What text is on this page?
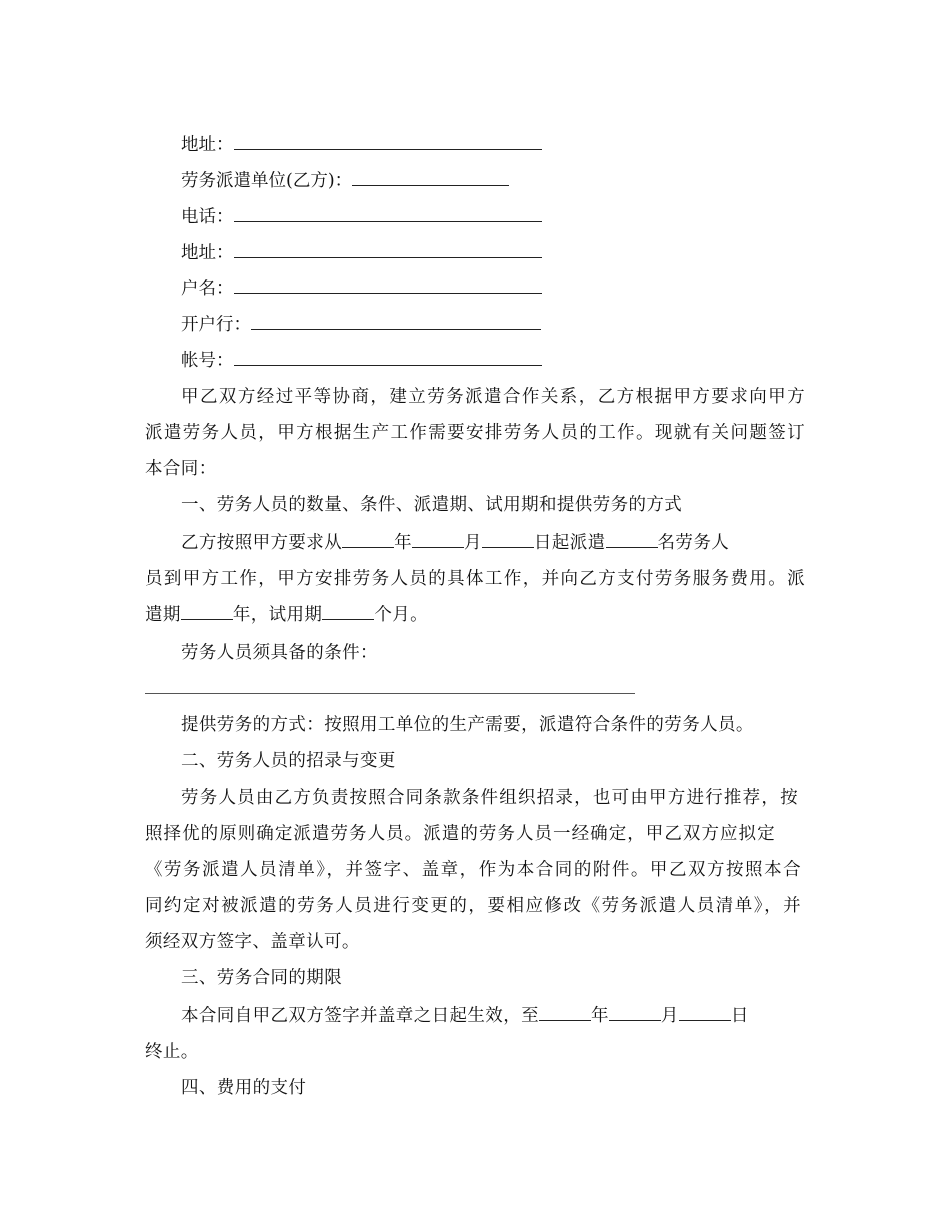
地址：
劳务派遣单位(乙方)：
电话：
地址：
户名：
开户行：
帐号：
甲乙双方经过平等协商，建立劳务派遣合作关系，乙方根据甲方要求向甲方
派遣劳务人员，甲方根据生产工作需要安排劳务人员的工作。现就有关问题签订
本合同：
一、劳务人员的数量、条件、派遣期、试用期和提供劳务的方式
乙方按照甲方要求从	年	月	日起派遣	名劳务人
员到甲方工作，甲方安排劳务人员的具体工作，并向乙方支付劳务服务费用。派
遣期	年，试用期	个月。
劳务人员须具备的条件：
提供劳务的方式：按照用工单位的生产需要，派遣符合条件的劳务人员。
二、劳务人员的招录与变更
劳务人员由乙方负责按照合同条款条件组织招录，也可由甲方进行推荐，按
照择优的原则确定派遣劳务人员。派遣的劳务人员一经确定，甲乙双方应拟定
《劳务派遣人员清单》，并签字、盖章，作为本合同的附件。甲乙双方按照本合
同约定对被派遣的劳务人员进行变更的，要相应修改《劳务派遣人员清单》，并
须经双方签字、盖章认可。
三、劳务合同的期限
本合同自甲乙双方签字并盖章之日起生效，至	年	月	日
终止。
四、费用的支付
